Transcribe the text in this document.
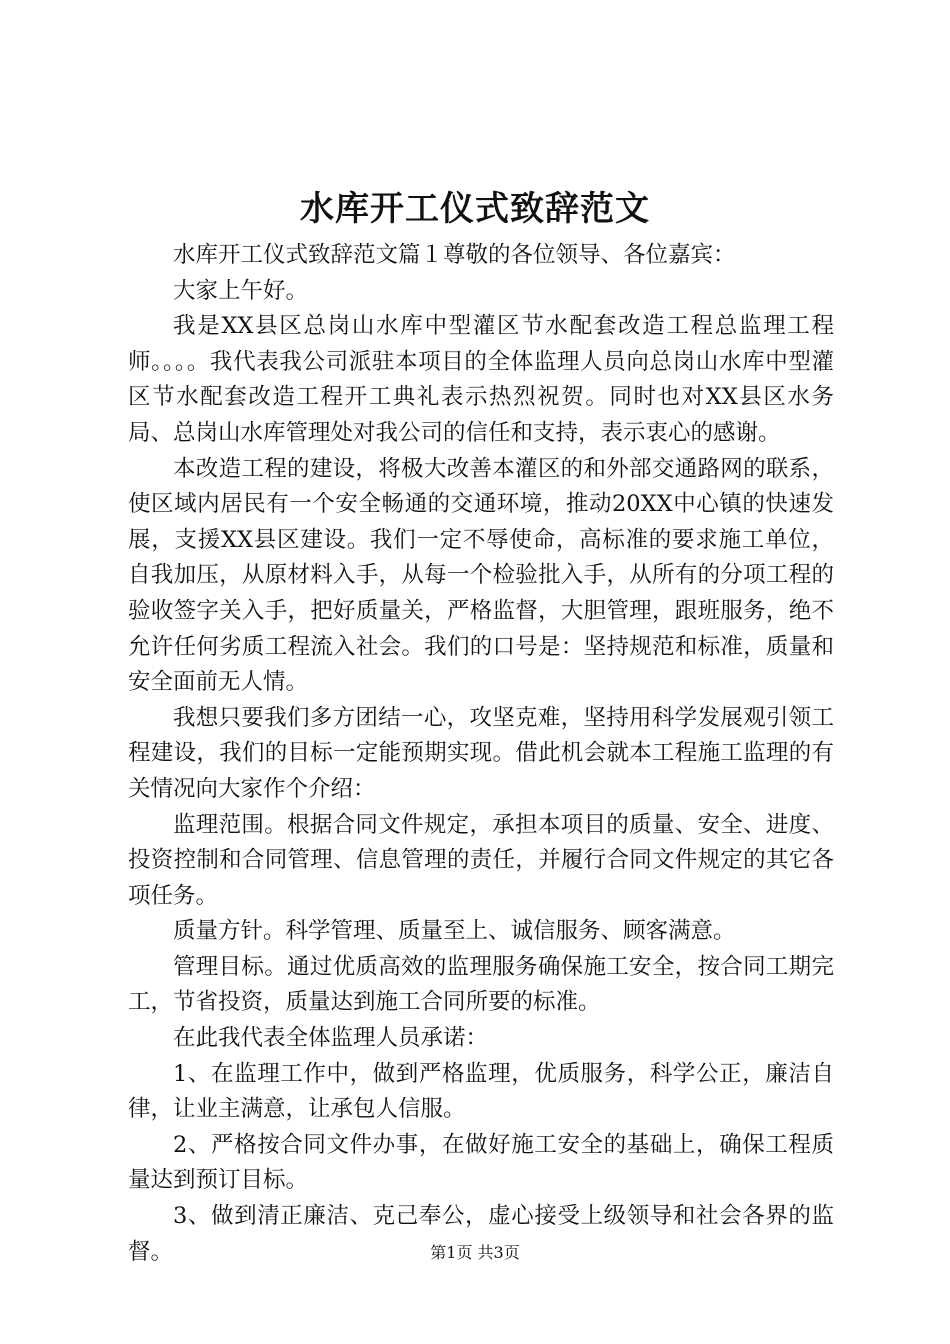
水库开工仪式致辞范文

水库开工仪式致辞范文篇１尊敬的各位领导、各位嘉宾：

大家上午好。

我是XX县区总岗山水库中型灌区节水配套改造工程总监理工程师。。。。我代表我公司派驻本项目的全体监理人员向总岗山水库中型灌区节水配套改造工程开工典礼表示热烈祝贺。同时也对XX县区水务局、总岗山水库管理处对我公司的信任和支持，表示衷心的感谢。

本改造工程的建设，将极大改善本灌区的和外部交通路网的联系，使区域内居民有一个安全畅通的交通环境，推动20XX中心镇的快速发展，支援XX县区建设。我们一定不辱使命，高标准的要求施工单位，自我加压，从原材料入手，从每一个检验批入手，从所有的分项工程的验收签字关入手，把好质量关，严格监督，大胆管理，跟班服务，绝不允许任何劣质工程流入社会。我们的口号是：坚持规范和标准，质量和安全面前无人情。

我想只要我们多方团结一心，攻坚克难，坚持用科学发展观引领工程建设，我们的目标一定能预期实现。借此机会就本工程施工监理的有关情况向大家作个介绍：

监理范围。根据合同文件规定，承担本项目的质量、安全、进度、投资控制和合同管理、信息管理的责任，并履行合同文件规定的其它各项任务。

质量方针。科学管理、质量至上、诚信服务、顾客满意。

管理目标。通过优质高效的监理服务确保施工安全，按合同工期完工，节省投资，质量达到施工合同所要的标准。

在此我代表全体监理人员承诺：

1、在监理工作中，做到严格监理，优质服务，科学公正，廉洁自律，让业主满意，让承包人信服。

2、严格按合同文件办事，在做好施工安全的基础上，确保工程质量达到预订目标。

3、做到清正廉洁、克己奉公，虚心接受上级领导和社会各界的监督。	第1页 共3页
